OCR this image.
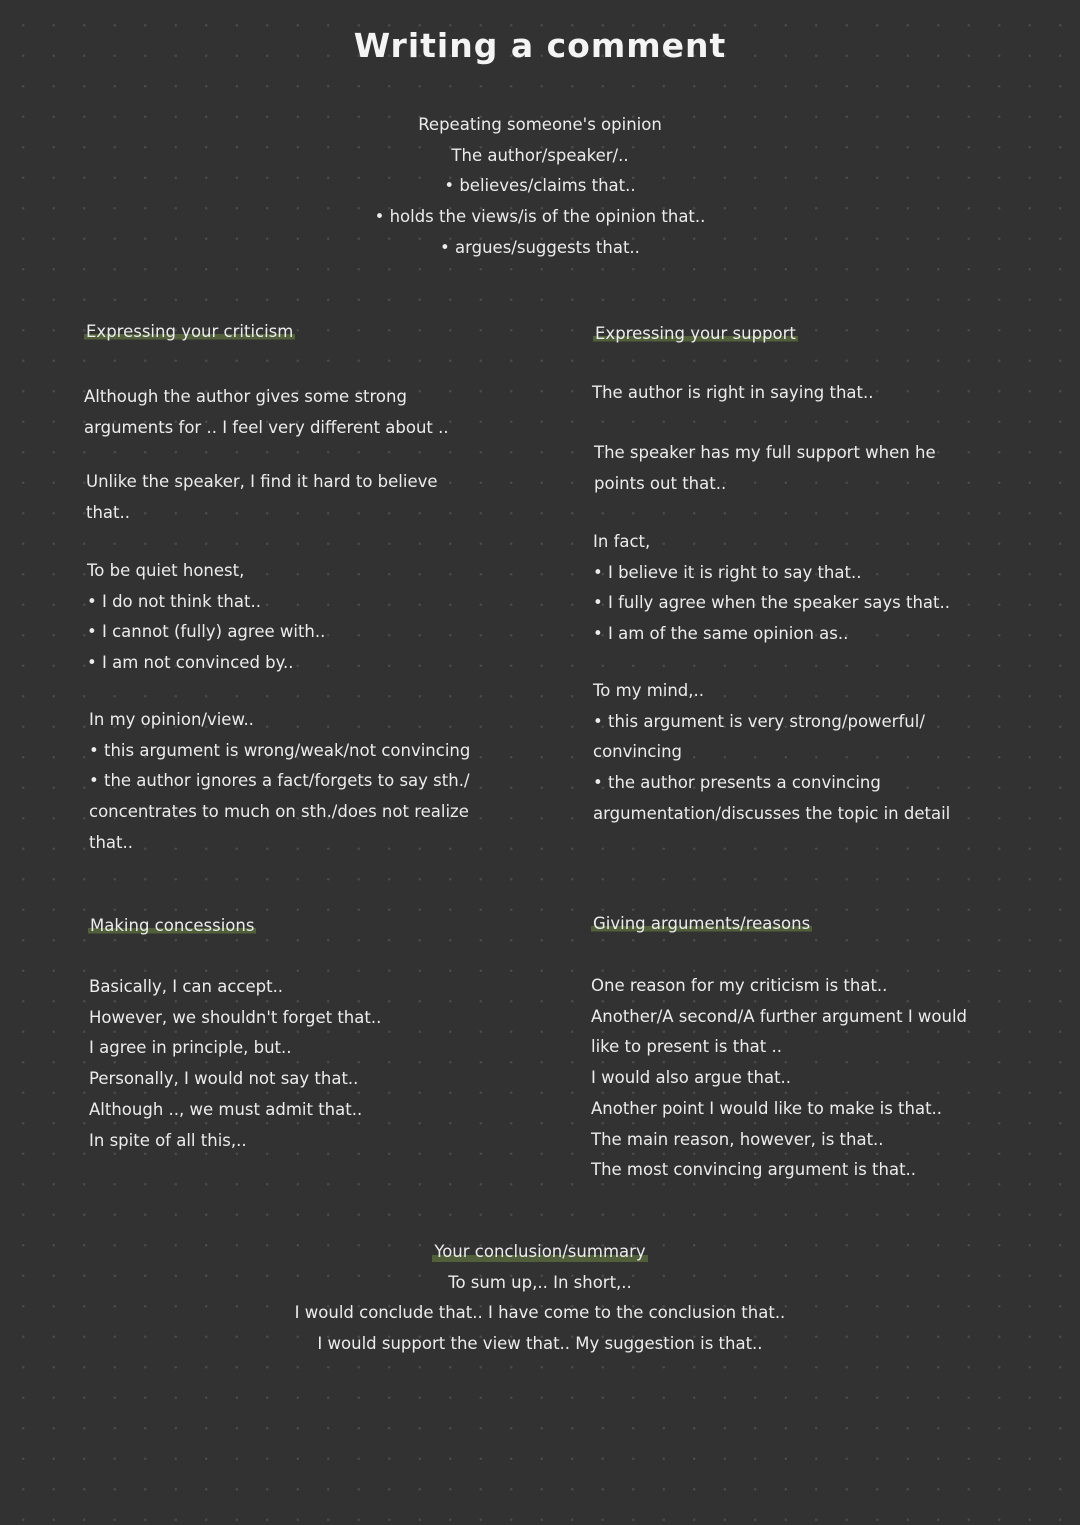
Writing a comment
Repeating someone's opinion
The author/speaker/..
• believes/claims that..
• holds the views/is of the opinion that..
• argues/suggests that..
Expressing your criticism
Although the author gives some strong
arguments for .. I feel very different about ..
Unlike the speaker, I find it hard to believe
that..
To be quiet honest,
• I do not think that..
• I cannot (fully) agree with..
• I am not convinced by..
In my opinion/view..
• this argument is wrong/weak/not convincing
• the author ignores a fact/forgets to say sth./
concentrates to much on sth./does not realize
that..
Expressing your support
The author is right in saying that..
The speaker has my full support when he
points out that..
In fact,
• I believe it is right to say that..
• I fully agree when the speaker says that..
• I am of the same opinion as..
To my mind,..
• this argument is very strong/powerful/
convincing
• the author presents a convincing
argumentation/discusses the topic in detail
Making concessions
Basically, I can accept..
However, we shouldn't forget that..
I agree in principle, but..
Personally, I would not say that..
Although .., we must admit that..
In spite of all this,..
Giving arguments/reasons
One reason for my criticism is that..
Another/A second/A further argument I would
like to present is that ..
I would also argue that..
Another point I would like to make is that..
The main reason, however, is that..
The most convincing argument is that..
Your conclusion/summary
To sum up,.. In short,..
I would conclude that.. I have come to the conclusion that..
I would support the view that.. My suggestion is that..
